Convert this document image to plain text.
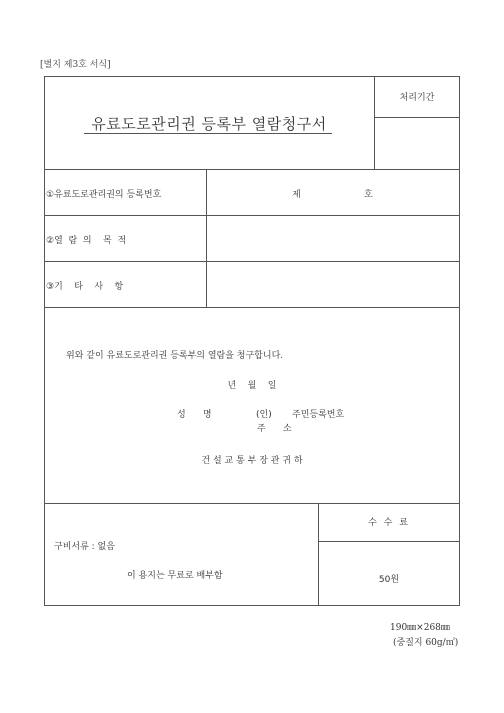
[별지 제3호 서식]
유료도로관리권 등록부 열람청구서
처리기간
①유료도로관리권의 등록번호	제	호
②열  람  의    목  적
③기    타    사    항
위와 같이 유료도로관리권 등록부의 열람을 청구합니다.
년    월    일
성      명	(인) 주민등록번호
주      소
건 설 교 통 부 장 관 귀 하
구비서류 : 없음
이 용지는 무료로 배부함
수 수 료
50원
190㎜×268㎜
(중질지 60g/㎡)
